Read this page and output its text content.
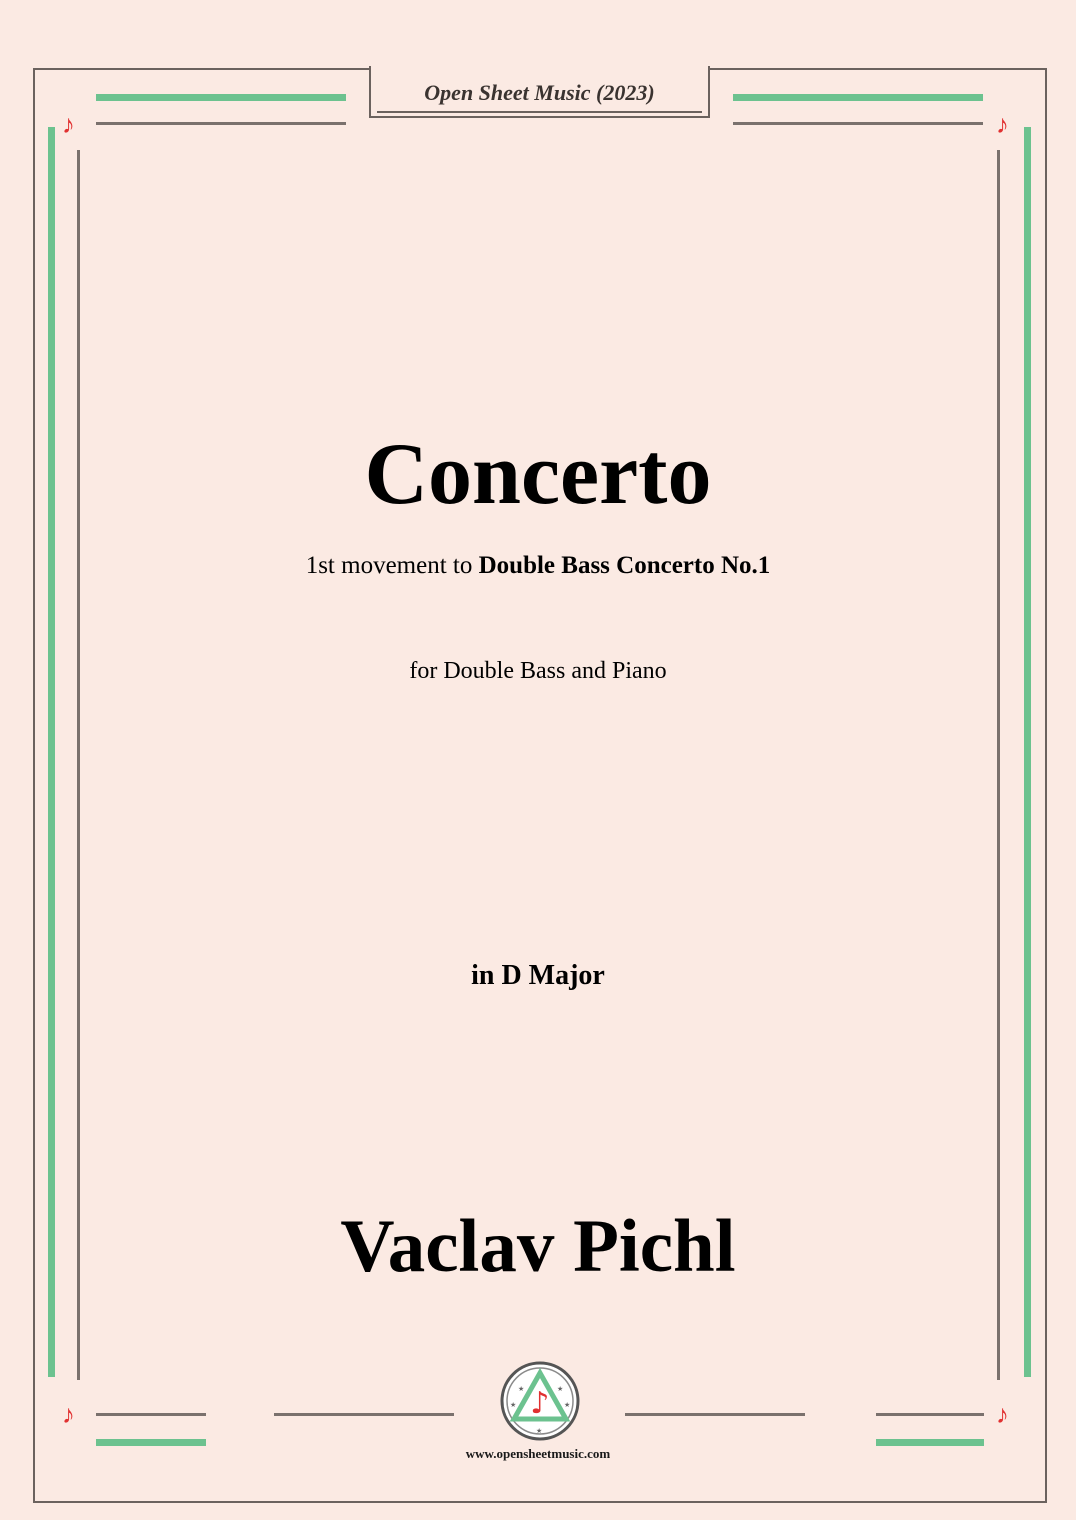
Open Sheet Music (2023)
♪	♪
♪	♪
Concerto
1st movement to Double Bass Concerto No.1
for Double Bass and Piano
in D Major
Vaclav Pichl
♪
★	★
★	★
★
www.opensheetmusic.com
